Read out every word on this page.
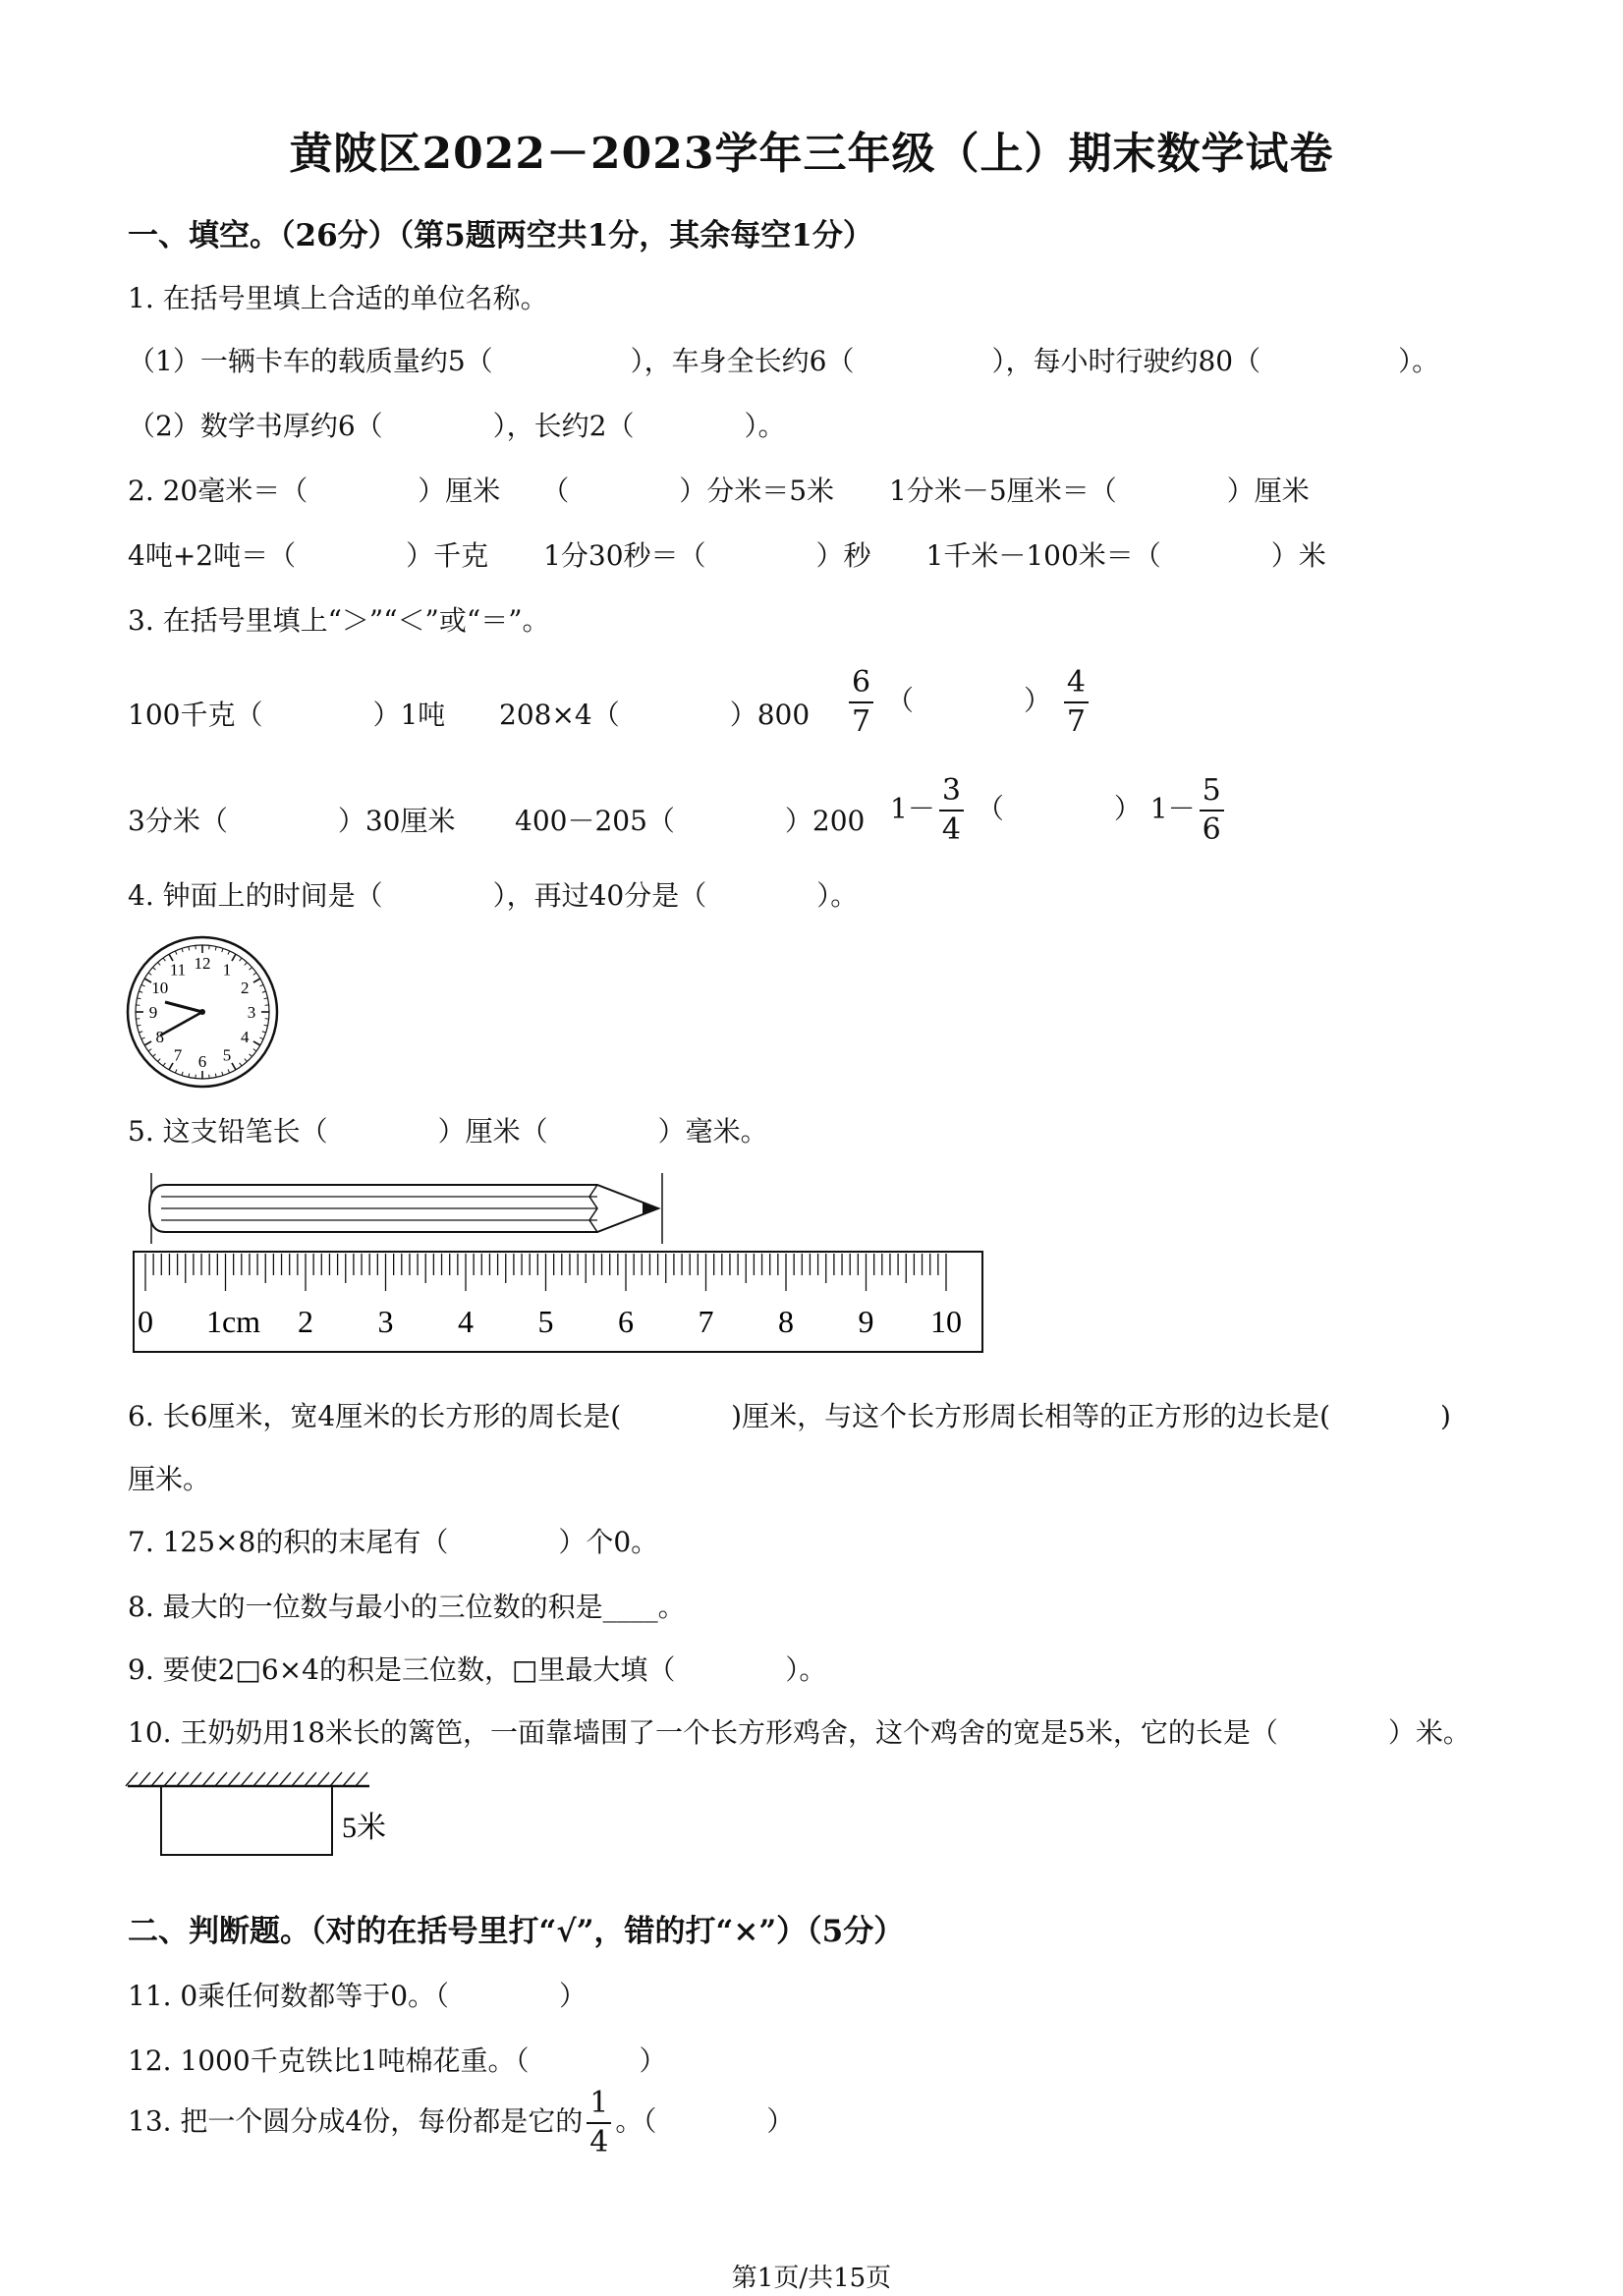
黄陂区2022－2023学年三年级（上）期末数学试卷
一、填空。（26分）（第5题两空共1分，其余每空1分）
1. 在括号里填上合适的单位名称。
（1）一辆卡车的载质量约5（　　　　　），车身全长约6（　　　　　），每小时行驶约80（　　　　　）。
（2）数学书厚约6（　　　　），长约2（　　　　）。
2. 20毫米＝（　　　　）厘米　　（　　　　）分米＝5米　　1分米－5厘米＝（　　　　）厘米
4吨+2吨＝（　　　　）千克　　1分30秒＝（　　　　）秒　　1千米－100米＝（　　　　）米
3. 在括号里填上“＞”“＜”或“＝”。
100千克（　　　　）1吨 208×4（　　　　）$800 \frac{6}{7}$ （　　　　） $\frac{4}{7}$
3分米（　　　　）30厘米 400－205（　　　　）200 $1- \frac{3}{4}$ （　　　　） $1- \frac{5}{6}$
4. 钟面上的时间是（　　　　），再过40分是（　　　　）。
12 1
2
3
4
5
6
7
8
9
10
11
5. 这支铅笔长（　　　　）厘米（　　　　）毫米。
0 1cm 2 3 4 5 6 7 8 9 10
6. 长6厘米，宽4厘米的长方形的周长是(　　　　)厘米，与这个长方形周长相等的正方形的边长是(　　　　)
厘米。
7. 125×8的积的末尾有（　　　　）个0。
8. 最大的一位数与最小的三位数的积是____。
9. 要使2□6×4的积是三位数，□里最大填（　　　　）。
10. 王奶奶用18米长的篱笆，一面靠墙围了一个长方形鸡舍，这个鸡舍的宽是5米，它的长是（　　　　）米。
5米
二、判断题。（对的在括号里打“√”，错的打“×”）（5分）
11. 0乘任何数都等于0。（　　　　）
12. 1000千克铁比1吨棉花重。（　　　　）
13. 把一个圆分成4份，每份都是它的 $\frac{1}{4}$ 。（　　　　）
第1页/共15页
